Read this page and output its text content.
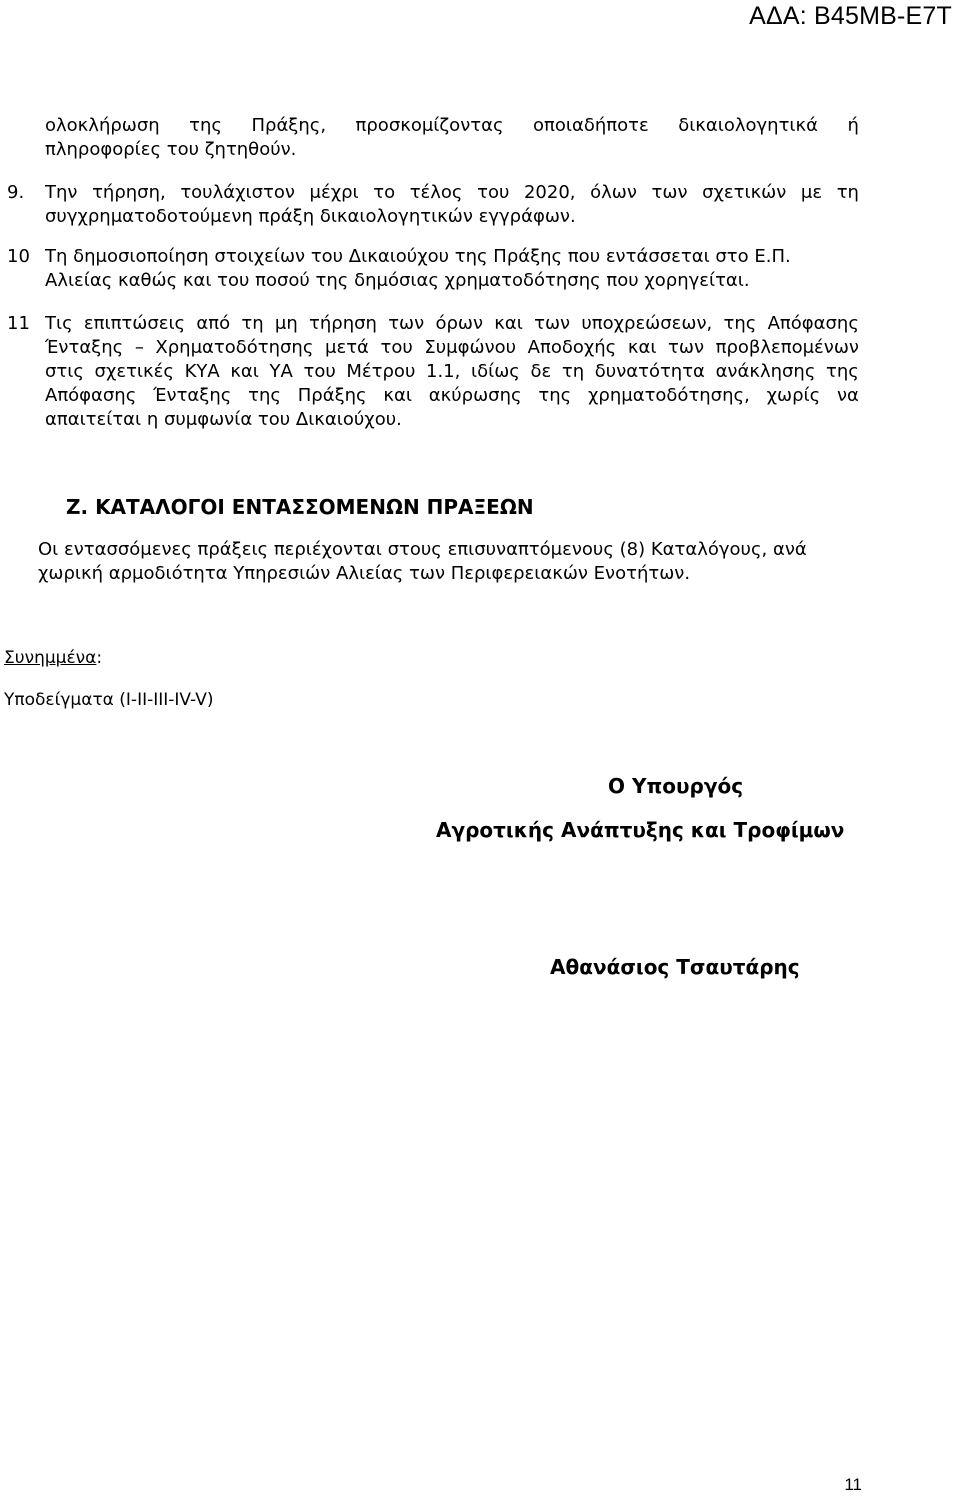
ΑΔΑ: Β45ΜΒ-Ε7Τ
ολοκλήρωση της Πράξης, προσκομίζοντας οποιαδήποτε δικαιολογητικά ή
πληροφορίες του ζητηθούν.
9. Την τήρηση, τουλάχιστον μέχρι το τέλος του 2020, όλων των σχετικών με τη
συγχρηματοδοτούμενη πράξη δικαιολογητικών εγγράφων.
10 Τη δημοσιοποίηση στοιχείων του Δικαιούχου της Πράξης που εντάσσεται στο Ε.Π.
Αλιείας καθώς και του ποσού της δημόσιας χρηματοδότησης που χορηγείται.
11 Τις επιπτώσεις από τη μη τήρηση των όρων και των υποχρεώσεων, της Απόφασης
Ένταξης – Χρηματοδότησης μετά του Συμφώνου Αποδοχής και των προβλεπομένων
στις σχετικές ΚΥΑ και ΥΑ του Μέτρου 1.1, ιδίως δε τη δυνατότητα ανάκλησης της
Απόφασης Ένταξης της Πράξης και ακύρωσης της χρηματοδότησης, χωρίς να
απαιτείται η συμφωνία του Δικαιούχου.
Ζ. ΚΑΤΑΛΟΓΟΙ ΕΝΤΑΣΣΟΜΕΝΩΝ ΠΡΑΞΕΩΝ
Οι εντασσόμενες πράξεις περιέχονται στους επισυναπτόμενους (8) Καταλόγους, ανά
χωρική αρμοδιότητα Υπηρεσιών Αλιείας των Περιφερειακών Ενοτήτων.
Συνημμένα:
Υποδείγματα (Ι-ΙΙ-ΙΙΙ-ΙV-V)
Ο Υπουργός
Αγροτικής Ανάπτυξης και Τροφίμων
Αθανάσιος Τσαυτάρης
11
